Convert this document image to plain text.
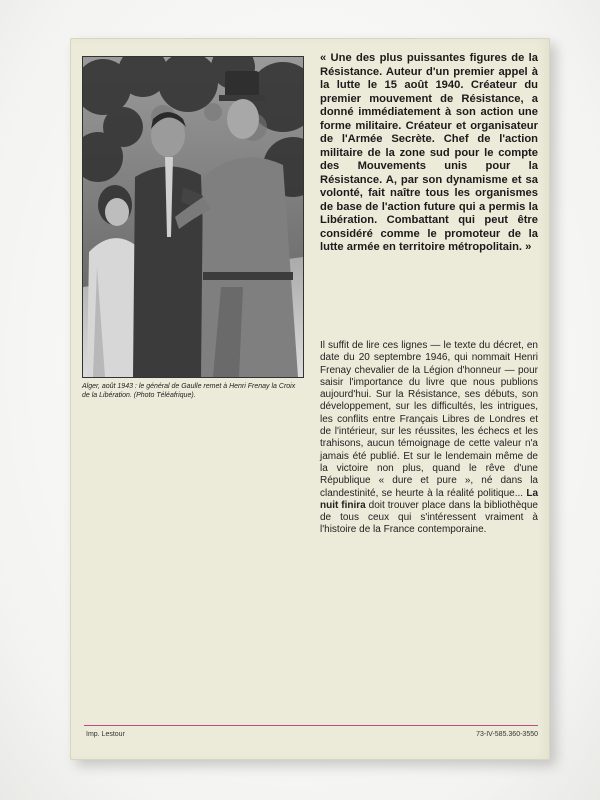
Alger, août 1943 : le général de Gaulle remet à Henri Frenay la Croix de la Libération. (Photo Téléafrique).

« Une des plus puissantes figures de la Résistance. Auteur d'un premier appel à la lutte le 15 août 1940. Créateur du premier mouvement de Résistance, a donné immédiatement à son action une forme militaire. Créateur et organisateur de l'Armée Secrète. Chef de l'action militaire de la zone sud pour le compte des Mouvements unis pour la Résistance. A, par son dynamisme et sa volonté, fait naître tous les organismes de base de l'action future qui a permis la Libération. Combattant qui peut être considéré comme le promoteur de la lutte armée en territoire métropolitain. »

Il suffit de lire ces lignes — le texte du décret, en date du 20 septembre 1946, qui nommait Henri Frenay chevalier de la Légion d'honneur — pour saisir l'importance du livre que nous publions aujourd'hui. Sur la Résistance, ses débuts, son développement, sur les difficultés, les intrigues, les conflits entre Français Libres de Londres et de l'intérieur, sur les réussites, les échecs et les trahisons, aucun témoignage de cette valeur n'a jamais été publié. Et sur le lendemain même de la victoire non plus, quand le rêve d'une République « dure et pure », né dans la clandestinité, se heurte à la réalité politique... La nuit finira doit trouver place dans la bibliothèque de tous ceux qui s'intéressent vraiment à l'histoire de la France contemporaine.

Imp. Lestour	73-IV-585.360-3550
